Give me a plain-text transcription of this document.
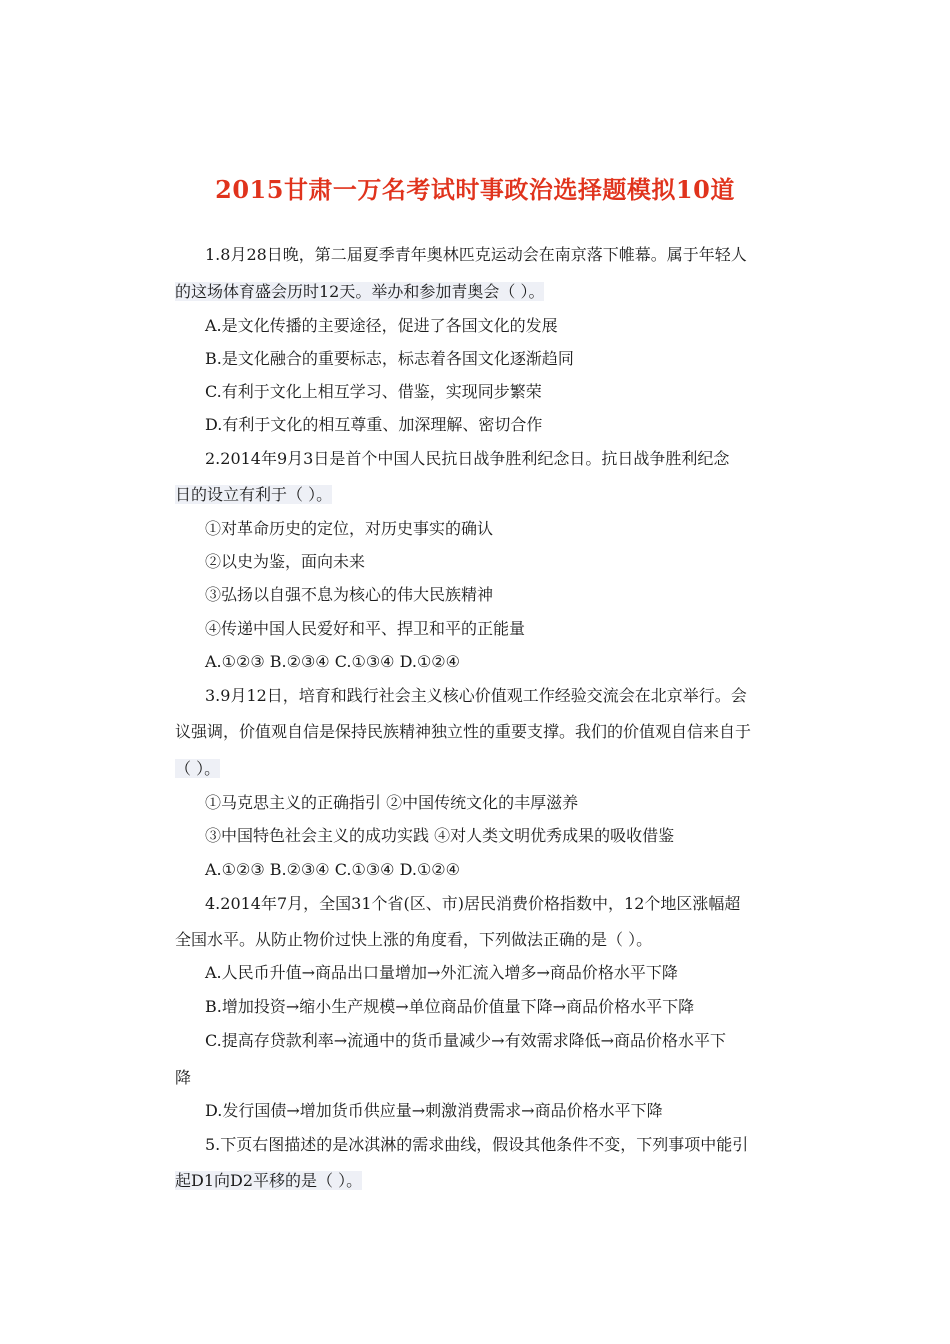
2015甘肃一万名考试时事政治选择题模拟10道
1.8月28日晚，第二届夏季青年奥林匹克运动会在南京落下帷幕。属于年轻人
的这场体育盛会历时12天。举办和参加青奥会（ ）。
A.是文化传播的主要途径，促进了各国文化的发展
B.是文化融合的重要标志，标志着各国文化逐渐趋同
C.有利于文化上相互学习、借鉴，实现同步繁荣
D.有利于文化的相互尊重、加深理解、密切合作
2.2014年9月3日是首个中国人民抗日战争胜利纪念日。抗日战争胜利纪念
日的设立有利于（ ）。
①对革命历史的定位，对历史事实的确认
②以史为鉴，面向未来
③弘扬以自强不息为核心的伟大民族精神
④传递中国人民爱好和平、捍卫和平的正能量
A.①②③ B.②③④ C.①③④ D.①②④
3.9月12日，培育和践行社会主义核心价值观工作经验交流会在北京举行。会
议强调，价值观自信是保持民族精神独立性的重要支撑。我们的价值观自信来自于
（ ）。
①马克思主义的正确指引 ②中国传统文化的丰厚滋养
③中国特色社会主义的成功实践 ④对人类文明优秀成果的吸收借鉴
A.①②③ B.②③④ C.①③④ D.①②④
4.2014年7月，全国31个省(区、市)居民消费价格指数中，12个地区涨幅超
全国水平。从防止物价过快上涨的角度看，下列做法正确的是（ ）。
A.人民币升值→商品出口量增加→外汇流入增多→商品价格水平下降
B.增加投资→缩小生产规模→单位商品价值量下降→商品价格水平下降
C.提高存贷款利率→流通中的货币量减少→有效需求降低→商品价格水平下
降
D.发行国债→增加货币供应量→刺激消费需求→商品价格水平下降
5.下页右图描述的是冰淇淋的需求曲线，假设其他条件不变，下列事项中能引
起D1向D2平移的是（ ）。
